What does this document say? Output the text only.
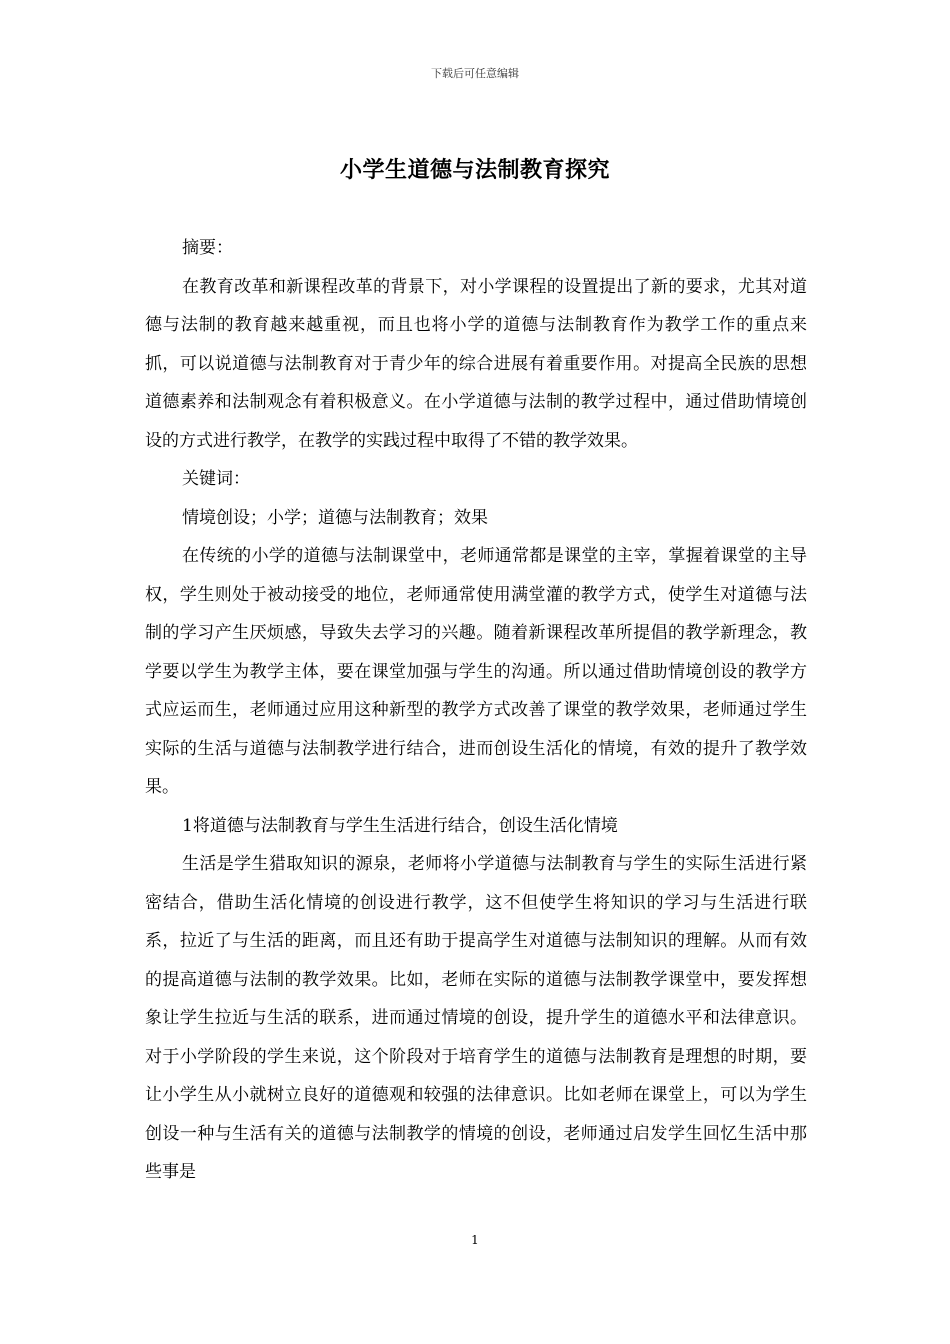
下载后可任意编辑
小学生道德与法制教育探究

摘要：

在教育改革和新课程改革的背景下，对小学课程的设置提出了新的要求，尤其对道德与法制的教育越来越重视，而且也将小学的道德与法制教育作为教学工作的重点来抓，可以说道德与法制教育对于青少年的综合进展有着重要作用。对提高全民族的思想道德素养和法制观念有着积极意义。在小学道德与法制的教学过程中，通过借助情境创设的方式进行教学，在教学的实践过程中取得了不错的教学效果。

关键词：

情境创设；小学；道德与法制教育；效果

在传统的小学的道德与法制课堂中，老师通常都是课堂的主宰，掌握着课堂的主导权，学生则处于被动接受的地位，老师通常使用满堂灌的教学方式，使学生对道德与法制的学习产生厌烦感，导致失去学习的兴趣。随着新课程改革所提倡的教学新理念，教学要以学生为教学主体，要在课堂加强与学生的沟通。所以通过借助情境创设的教学方式应运而生，老师通过应用这种新型的教学方式改善了课堂的教学效果，老师通过学生实际的生活与道德与法制教学进行结合，进而创设生活化的情境，有效的提升了教学效果。

1将道德与法制教育与学生生活进行结合，创设生活化情境

生活是学生猎取知识的源泉，老师将小学道德与法制教育与学生的实际生活进行紧密结合，借助生活化情境的创设进行教学，这不但使学生将知识的学习与生活进行联系，拉近了与生活的距离，而且还有助于提高学生对道德与法制知识的理解。从而有效的提高道德与法制的教学效果。比如，老师在实际的道德与法制教学课堂中，要发挥想象让学生拉近与生活的联系，进而通过情境的创设，提升学生的道德水平和法律意识。对于小学阶段的学生来说，这个阶段对于培育学生的道德与法制教育是理想的时期，要让小学生从小就树立良好的道德观和较强的法律意识。比如老师在课堂上，可以为学生创设一种与生活有关的道德与法制教学的情境的创设，老师通过启发学生回忆生活中那些事是

1
